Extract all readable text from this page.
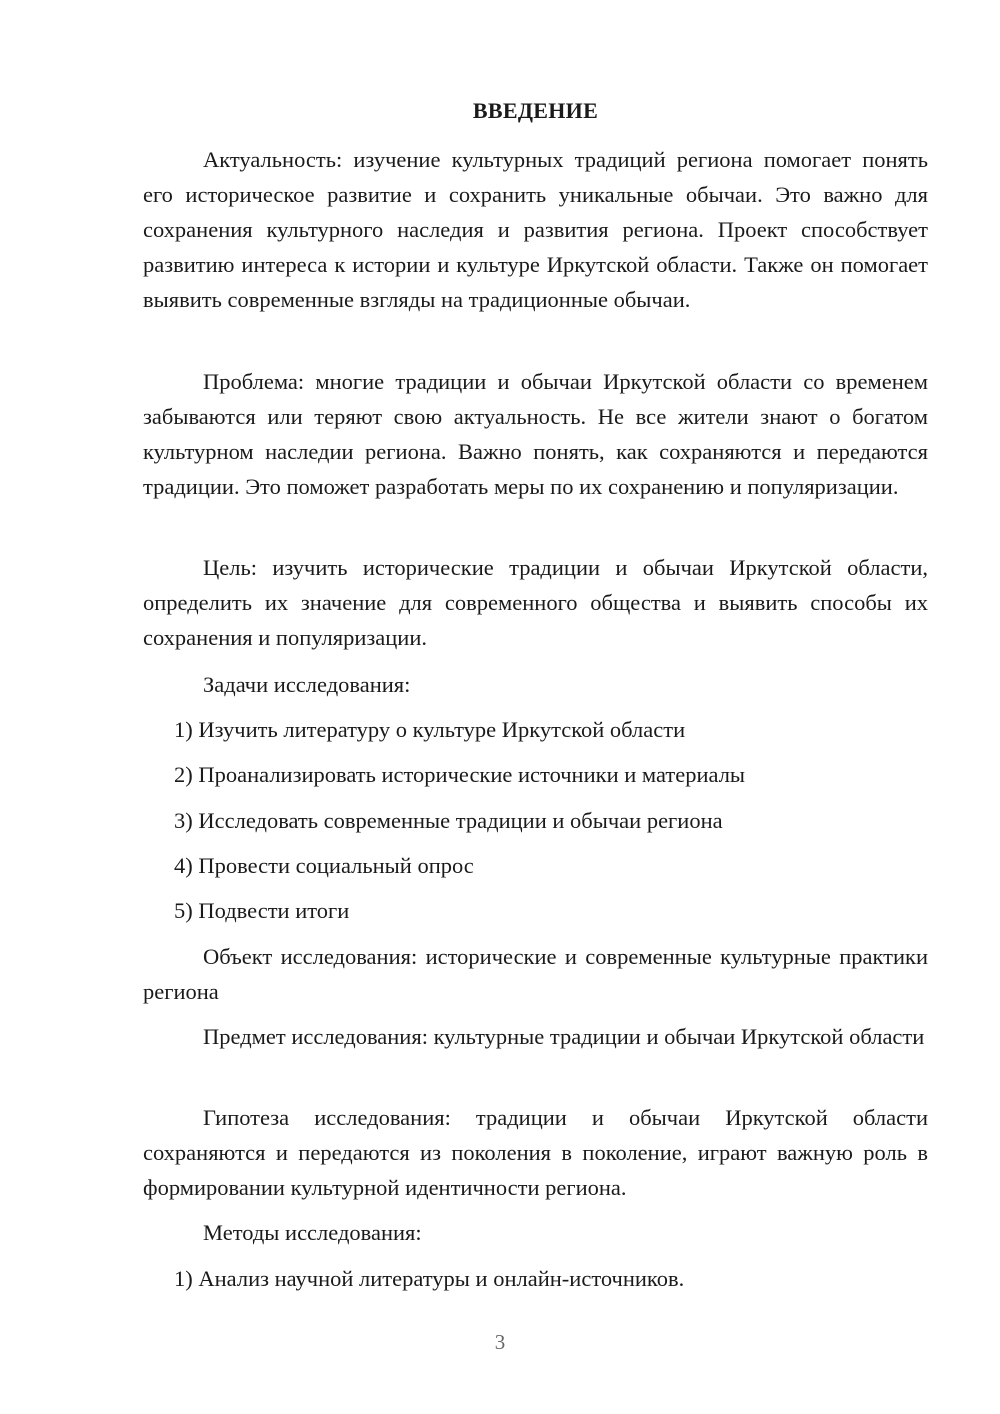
ВВЕДЕНИЕ

Актуальность: изучение культурных традиций региона помогает понять его историческое развитие и сохранить уникальные обычаи. Это важно для сохранения культурного наследия и развития региона. Проект способствует развитию интереса к истории и культуре Иркутской области. Также он помогает выявить современные взгляды на традиционные обычаи.

Проблема: многие традиции и обычаи Иркутской области со временем забываются или теряют свою актуальность. Не все жители знают о богатом культурном наследии региона. Важно понять, как сохраняются и передаются традиции. Это поможет разработать меры по их сохранению и популяризации.

Цель: изучить исторические традиции и обычаи Иркутской области, определить их значение для современного общества и выявить способы их сохранения и популяризации.

Задачи исследования:

1) Изучить литературу о культуре Иркутской области

2) Проанализировать исторические источники и материалы

3) Исследовать современные традиции и обычаи региона

4) Провести социальный опрос

5) Подвести итоги

Объект исследования: исторические и современные культурные практики региона

Предмет исследования: культурные традиции и обычаи Иркутской области

Гипотеза исследования: традиции и обычаи Иркутской области сохраняются и передаются из поколения в поколение, играют важную роль в формировании культурной идентичности региона.

Методы исследования:

1) Анализ научной литературы и онлайн-источников.

3
